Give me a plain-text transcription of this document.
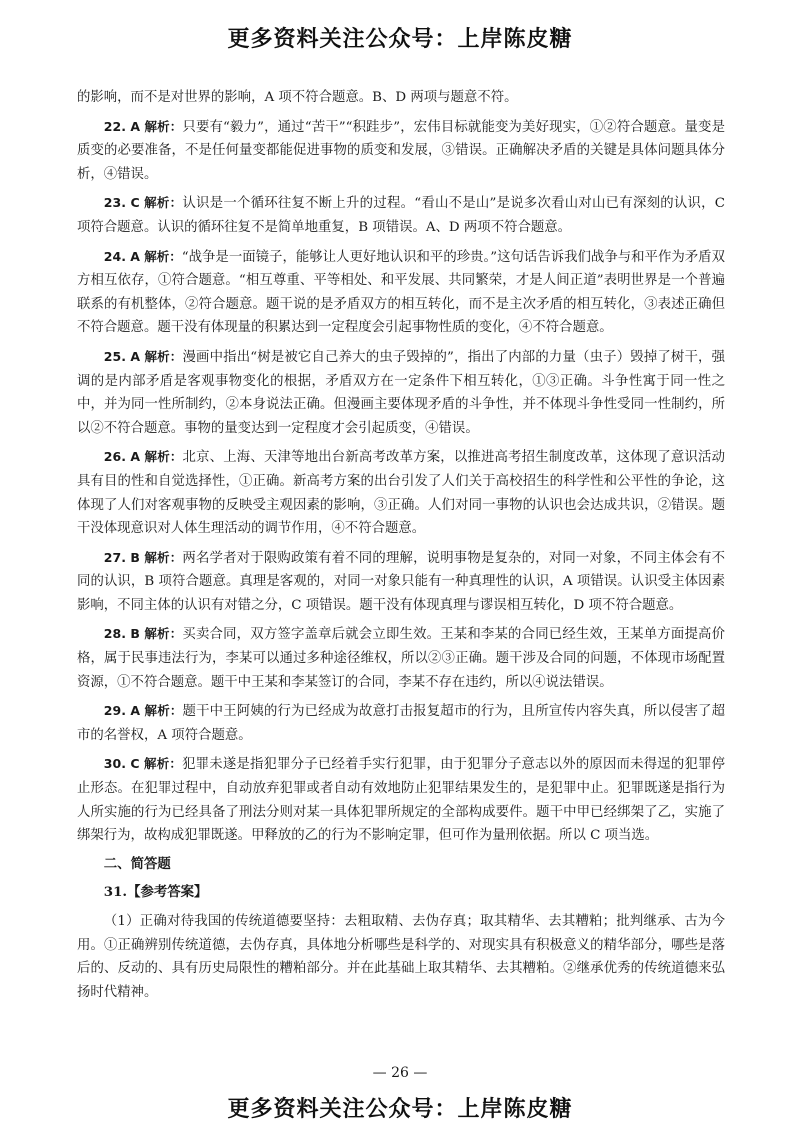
更多资料关注公众号：上岸陈皮糖

的影响，而不是对世界的影响，A 项不符合题意。B、D 两项与题意不符。

22. A 解析：只要有“毅力”，通过“苦干”“积跬步”，宏伟目标就能变为美好现实，①②符合题意。量变是质变的必要准备，不是任何量变都能促进事物的质变和发展，③错误。正确解决矛盾的关键是具体问题具体分析，④错误。

23. C 解析：认识是一个循环往复不断上升的过程。“看山不是山”是说多次看山对山已有深刻的认识，C 项符合题意。认识的循环往复不是简单地重复，B 项错误。A、D 两项不符合题意。

24. A 解析：“战争是一面镜子，能够让人更好地认识和平的珍贵。”这句话告诉我们战争与和平作为矛盾双方相互依存，①符合题意。“相互尊重、平等相处、和平发展、共同繁荣，才是人间正道”表明世界是一个普遍联系的有机整体，②符合题意。题干说的是矛盾双方的相互转化，而不是主次矛盾的相互转化，③表述正确但不符合题意。题干没有体现量的积累达到一定程度会引起事物性质的变化，④不符合题意。

25. A 解析：漫画中指出“树是被它自己养大的虫子毁掉的”，指出了内部的力量（虫子）毁掉了树干，强调的是内部矛盾是客观事物变化的根据，矛盾双方在一定条件下相互转化，①③正确。斗争性寓于同一性之中，并为同一性所制约，②本身说法正确。但漫画主要体现矛盾的斗争性，并不体现斗争性受同一性制约，所以②不符合题意。事物的量变达到一定程度才会引起质变，④错误。

26. A 解析：北京、上海、天津等地出台新高考改革方案，以推进高考招生制度改革，这体现了意识活动具有目的性和自觉选择性，①正确。新高考方案的出台引发了人们关于高校招生的科学性和公平性的争论，这体现了人们对客观事物的反映受主观因素的影响，③正确。人们对同一事物的认识也会达成共识，②错误。题干没体现意识对人体生理活动的调节作用，④不符合题意。

27. B 解析：两名学者对于限购政策有着不同的理解，说明事物是复杂的，对同一对象，不同主体会有不同的认识，B 项符合题意。真理是客观的，对同一对象只能有一种真理性的认识，A 项错误。认识受主体因素影响，不同主体的认识有对错之分，C 项错误。题干没有体现真理与谬误相互转化，D 项不符合题意。

28. B 解析：买卖合同，双方签字盖章后就会立即生效。王某和李某的合同已经生效，王某单方面提高价格，属于民事违法行为，李某可以通过多种途径维权，所以②③正确。题干涉及合同的问题，不体现市场配置资源，①不符合题意。题干中王某和李某签订的合同，李某不存在违约，所以④说法错误。

29. A 解析：题干中王阿姨的行为已经成为故意打击报复超市的行为，且所宣传内容失真，所以侵害了超市的名誉权，A 项符合题意。

30. C 解析：犯罪未遂是指犯罪分子已经着手实行犯罪，由于犯罪分子意志以外的原因而未得逞的犯罪停止形态。在犯罪过程中，自动放弃犯罪或者自动有效地防止犯罪结果发生的，是犯罪中止。犯罪既遂是指行为人所实施的行为已经具备了刑法分则对某一具体犯罪所规定的全部构成要件。题干中甲已经绑架了乙，实施了绑架行为，故构成犯罪既遂。甲释放的乙的行为不影响定罪，但可作为量刑依据。所以 C 项当选。

二、简答题

31.【参考答案】

（1）正确对待我国的传统道德要坚持：去粗取精、去伪存真；取其精华、去其糟粕；批判继承、古为今用。①正确辨别传统道德，去伪存真，具体地分析哪些是科学的、对现实具有积极意义的精华部分，哪些是落后的、反动的、具有历史局限性的糟粕部分。并在此基础上取其精华、去其糟粕。②继承优秀的传统道德来弘扬时代精神。

— 26 —
更多资料关注公众号：上岸陈皮糖
